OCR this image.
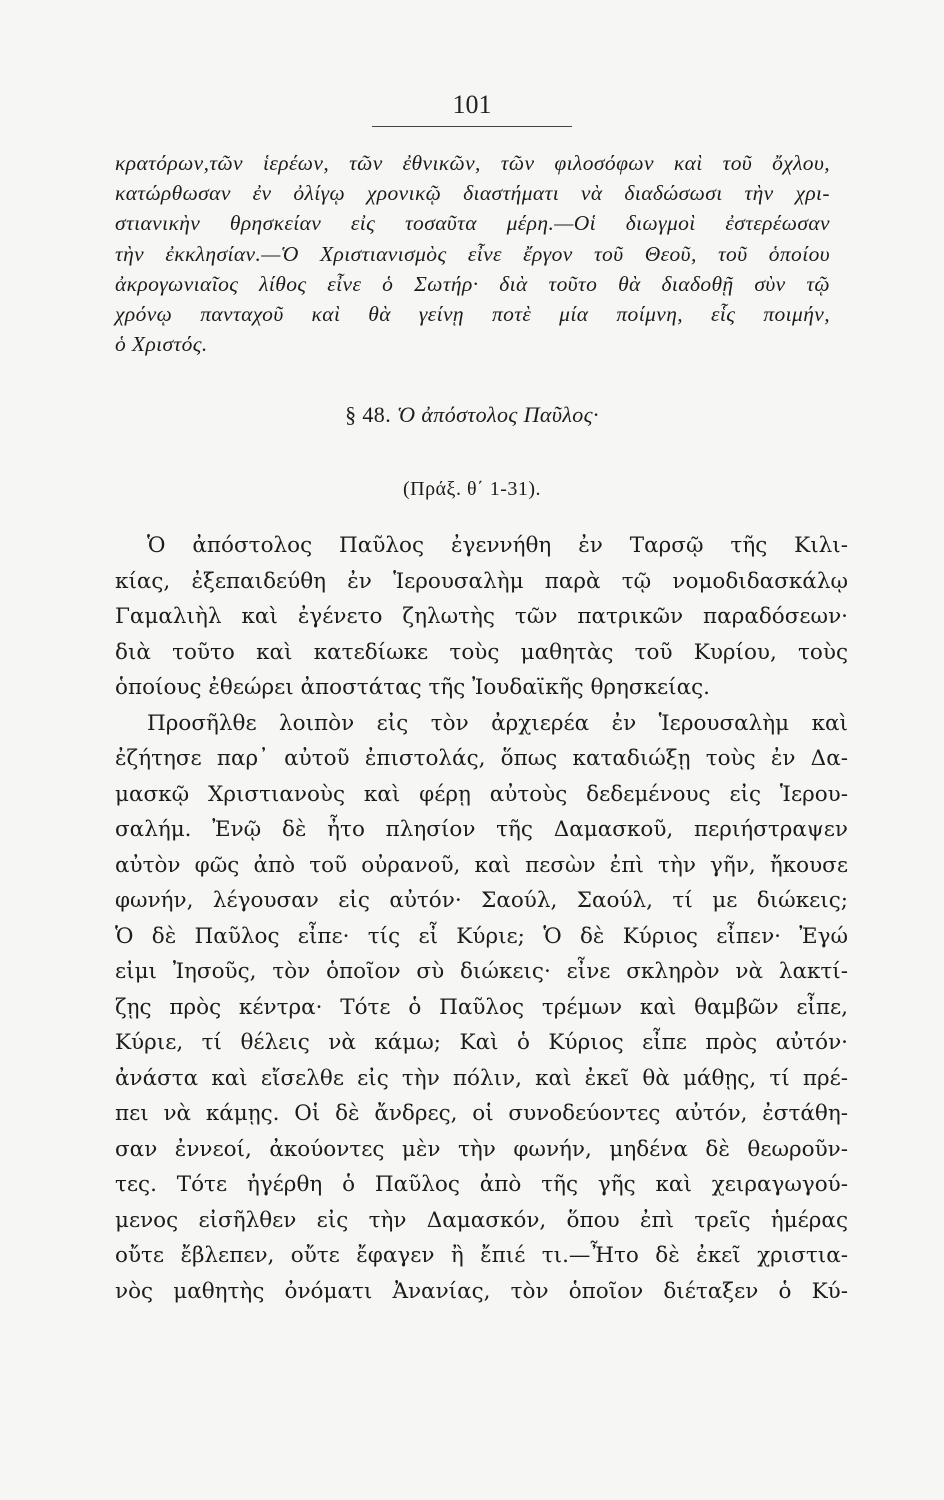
101
κρατόρων,τῶν ἱερέων, τῶν ἐθνικῶν, τῶν φιλοσόφων καὶ τοῦ ὄχλου,
κατώρθωσαν ἐν ὀλίγῳ χρονικῷ διαστήματι νὰ διαδώσωσι τὴν χρι-
στιανικὴν θρησκείαν εἰς τοσαῦτα μέρη.—Οἱ διωγμοὶ ἐστερέωσαν
τὴν ἐκκλησίαν.—Ὁ Χριστιανισμὸς εἶνε ἔργον τοῦ Θεοῦ, τοῦ ὁποίου
ἀκρογωνιαῖος λίθος εἶνε ὁ Σωτήρ· διὰ τοῦτο θὰ διαδοθῇ σὺν τῷ
χρόνῳ πανταχοῦ καὶ θὰ γείνῃ ποτὲ μία ποίμνη, εἷς ποιμήν,
ὁ Χριστός.
§ 48. Ὁ ἀπόστολος Παῦλος·
(Πράξ. θ΄ 1-31).
Ὁ ἀπόστολος Παῦλος ἐγεννήθη ἐν Ταρσῷ τῆς Κιλι-
κίας, ἐξεπαιδεύθη ἐν Ἱερουσαλὴμ παρὰ τῷ νομοδιδασκάλῳ
Γαμαλιὴλ καὶ ἐγένετο ζηλωτὴς τῶν πατρικῶν παραδόσεων·
διὰ τοῦτο καὶ κατεδίωκε τοὺς μαθητὰς τοῦ Κυρίου, τοὺς
ὁποίους ἐθεώρει ἀποστάτας τῆς Ἰουδαϊκῆς θρησκείας.
Προσῆλθε λοιπὸν εἰς τὸν ἀρχιερέα ἐν Ἱερουσαλὴμ καὶ
ἐζήτησε παρ᾽ αὐτοῦ ἐπιστολάς, ὅπως καταδιώξῃ τοὺς ἐν Δα-
μασκῷ Χριστιανοὺς καὶ φέρῃ αὐτοὺς δεδεμένους εἰς Ἱερου-
σαλήμ. Ἐνῷ δὲ ἦτο πλησίον τῆς Δαμασκοῦ, περιήστραψεν
αὐτὸν φῶς ἀπὸ τοῦ οὐρανοῦ, καὶ πεσὼν ἐπὶ τὴν γῆν, ἤκουσε
φωνήν, λέγουσαν εἰς αὐτόν· Σαούλ, Σαούλ, τί με διώκεις;
Ὁ δὲ Παῦλος εἶπε· τίς εἶ Κύριε; Ὁ δὲ Κύριος εἶπεν· Ἐγώ
εἰμι Ἰησοῦς, τὸν ὁποῖον σὺ διώκεις· εἶνε σκληρὸν νὰ λακτί-
ζῃς πρὸς κέντρα· Τότε ὁ Παῦλος τρέμων καὶ θαμβῶν εἶπε,
Κύριε, τί θέλεις νὰ κάμω; Καὶ ὁ Κύριος εἶπε πρὸς αὐτόν·
ἀνάστα καὶ εἴσελθε εἰς τὴν πόλιν, καὶ ἐκεῖ θὰ μάθῃς, τί πρέ-
πει νὰ κάμῃς. Οἱ δὲ ἄνδρες, οἱ συνοδεύοντες αὐτόν, ἐστάθη-
σαν ἐννεοί, ἀκούοντες μὲν τὴν φωνήν, μηδένα δὲ θεωροῦν-
τες. Τότε ἠγέρθη ὁ Παῦλος ἀπὸ τῆς γῆς καὶ χειραγωγού-
μενος εἰσῆλθεν εἰς τὴν Δαμασκόν, ὅπου ἐπὶ τρεῖς ἡμέρας
οὔτε ἔβλεπεν, οὔτε ἔφαγεν ἢ ἔπιέ τι.—Ἦτο δὲ ἐκεῖ χριστια-
νὸς μαθητὴς ὀνόματι Ἀνανίας, τὸν ὁποῖον διέταξεν ὁ Κύ-
